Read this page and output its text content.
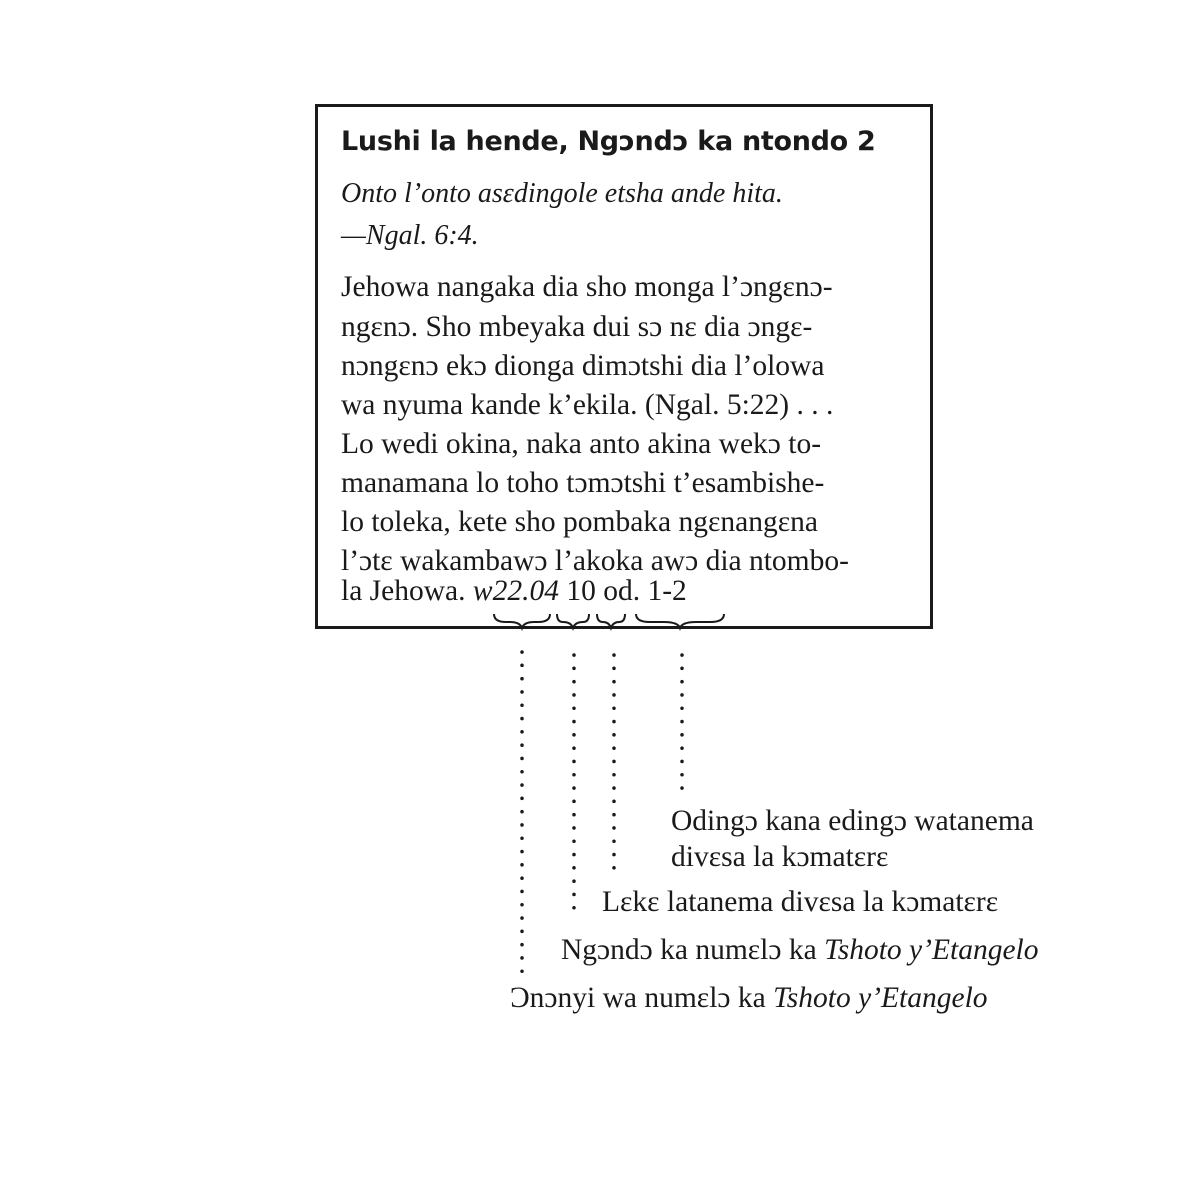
Lushi la hende, Ngɔndɔ ka ntondo 2
Onto l’onto asɛdingole etsha ande hita.
—Ngal. 6:4.
Jehowa nangaka dia sho monga l’ɔngɛnɔ-
ngɛnɔ. Sho mbeyaka dui sɔ nɛ dia ɔngɛ-
nɔngɛnɔ ekɔ dionga dimɔtshi dia l’olowa
wa nyuma kande k’ekila. (Ngal. 5:22) . . .
Lo wedi okina, naka anto akina wekɔ to-
manamana lo toho tɔmɔtshi t’esambishe-
lo toleka, kete sho pombaka ngɛnangɛna
l’ɔtɛ wakambawɔ l’akoka awɔ dia ntombo-
la Jehowa. w22.04 10 od. 1-2
Odingɔ kana edingɔ watanema
divɛsa la kɔmatɛrɛ
Lɛkɛ latanema divɛsa la kɔmatɛrɛ
Ngɔndɔ ka numɛlɔ ka Tshoto y’Etangelo
Ɔnɔnyi wa numɛlɔ ka Tshoto y’Etangelo
